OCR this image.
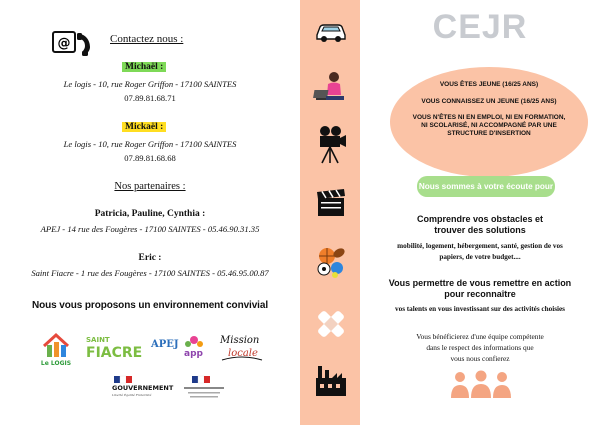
@	Contactez nous :
Michaël :
Le logis - 10, rue Roger Griffon - 17100 SAINTES
07.89.81.68.71
Mickaël :
Le logis - 10, rue Roger Griffon - 17100 SAINTES
07.89.81.68.68
Nos partenaires :
Patricia, Pauline, Cynthia :
APEJ - 14 rue des Fougères - 17100 SAINTES - 05.46.90.31.35
Eric :
Saint Fiacre - 1 rue des Fougères - 17100 SAINTES - 05.46.95.00.87
Nous vous proposons un environnement convivial
Le LOGIS
SAINT
FIACRE
APEJ
app
Mission
locale
GOUVERNEMENT
Liberté Égalité Fraternité
CEJR
VOUS ÊTES JEUNE (16/25 ANS)
VOUS CONNAISSEZ UN JEUNE (16/25 ANS)
VOUS N'ÊTES NI EN EMPLOI, NI EN FORMATION,
NI SCOLARISÉ, NI ACCOMPAGNÉ PAR UNE
STRUCTURE D'INSERTION
Nous sommes à votre écoute pour :
Comprendre vos obstacles et
trouver des solutions
mobilité, logement, hébergement, santé, gestion de vos
papiers, de votre budget....
Vous permettre de vous remettre en action
pour reconnaître
vos talents en vous investissant sur des activités choisies
Vous bénéficierez d'une équipe compétente
dans le respect des informations que
vous nous confierez
